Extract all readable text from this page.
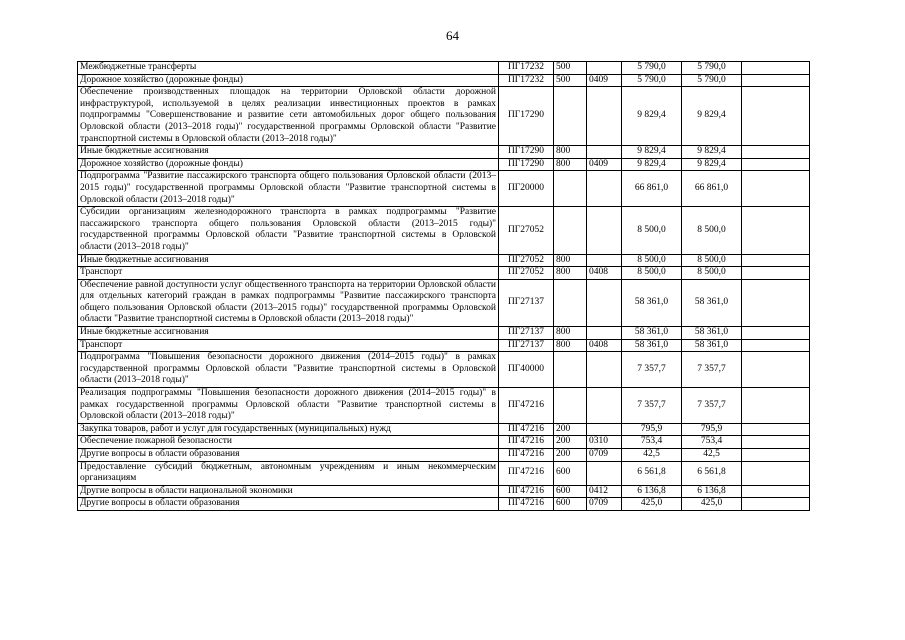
64
Межбюджетные трансферты	ПГ17232	500		5 790,0	5 790,0	
Дорожное хозяйство (дорожные фонды)	ПГ17232	500	0409	5 790,0	5 790,0	
Обеспечение производственных площадок на территории Орловской области дорожной инфраструктурой, используемой в целях реализации инвестиционных проектов в рамках подпрограммы "Совершенствование и развитие сети автомобильных дорог общего пользования Орловской области (2013–2018 годы)" государственной программы Орловской области "Развитие транспортной системы в Орловской области (2013–2018 годы)"	ПГ17290			9 829,4	9 829,4	
Иные бюджетные ассигнования	ПГ17290	800		9 829,4	9 829,4	
Дорожное хозяйство (дорожные фонды)	ПГ17290	800	0409	9 829,4	9 829,4	
Подпрограмма "Развитие пассажирского транспорта общего пользования Орловской области (2013–2015 годы)" государственной программы Орловской области "Развитие транспортной системы в Орловской области (2013–2018 годы)"	ПГ20000			66 861,0	66 861,0	
Субсидии организациям железнодорожного транспорта в рамках подпрограммы "Развитие пассажирского транспорта общего пользования Орловской области (2013–2015 годы)" государственной программы Орловской области "Развитие транспортной системы в Орловской области (2013–2018 годы)"	ПГ27052			8 500,0	8 500,0	
Иные бюджетные ассигнования	ПГ27052	800		8 500,0	8 500,0	
Транспорт	ПГ27052	800	0408	8 500,0	8 500,0	
Обеспечение равной доступности услуг общественного транспорта на территории Орловской области для отдельных категорий граждан в рамках подпрограммы "Развитие пассажирского транспорта общего пользования Орловской области (2013–2015 годы)" государственной программы Орловской области "Развитие транспортной системы в Орловской области (2013–2018 годы)"	ПГ27137			58 361,0	58 361,0	
Иные бюджетные ассигнования	ПГ27137	800		58 361,0	58 361,0	
Транспорт	ПГ27137	800	0408	58 361,0	58 361,0	
Подпрограмма "Повышения безопасности дорожного движения (2014–2015 годы)" в рамках государственной программы Орловской области "Развитие транспортной системы в Орловской области (2013–2018 годы)"	ПГ40000			7 357,7	7 357,7	
Реализация подпрограммы "Повышения безопасности дорожного движения (2014–2015 годы)" в рамках государственной программы Орловской области "Развитие транспортной системы в Орловской области (2013–2018 годы)"	ПГ47216			7 357,7	7 357,7	
Закупка товаров, работ и услуг для государственных (муниципальных) нужд	ПГ47216	200		795,9	795,9	
Обеспечение пожарной безопасности	ПГ47216	200	0310	753,4	753,4	
Другие вопросы в области образования	ПГ47216	200	0709	42,5	42,5	
Предоставление субсидий бюджетным, автономным учреждениям и иным некоммерческим организациям	ПГ47216	600		6 561,8	6 561,8	
Другие вопросы в области национальной экономики	ПГ47216	600	0412	6 136,8	6 136,8	
Другие вопросы в области образования	ПГ47216	600	0709	425,0	425,0	
